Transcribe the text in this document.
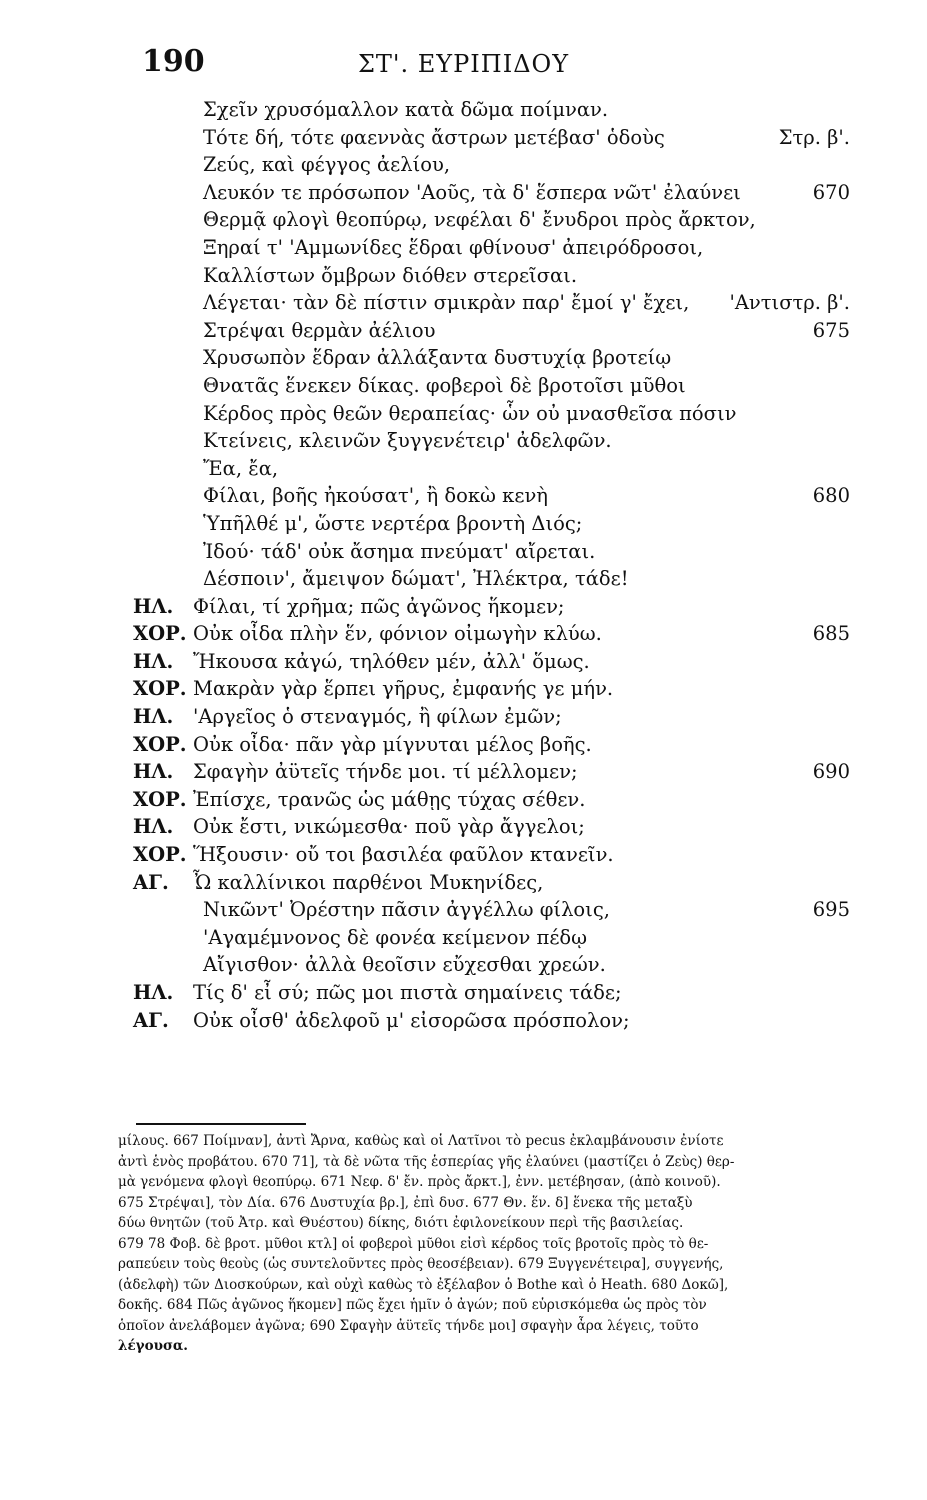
190	ΣΤ'. ΕΥΡΙΠΙΔΟΥ
Σχεῖν χρυσόμαλλον κατὰ δῶμα ποίμναν.
Τότε δή, τότε φαεννὰς ἄστρων μετέβασ' ὁδοὺς	Στρ. β'.
Ζεύς, καὶ φέγγος ἀελίου,
Λευκόν τε πρόσωπον 'Αοῦς, τὰ δ' ἕσπερα νῶτ' ἐλαύνει	670
Θερμᾷ φλογὶ θεοπύρῳ, νεφέλαι δ' ἔνυδροι πρὸς ἄρκτον,
Ξηραί τ' 'Αμμωνίδες ἕδραι φθίνουσ' ἀπειρόδροσοι,
Καλλίστων ὄμβρων διόθεν στερεῖσαι.
Λέγεται· τὰν δὲ πίστιν σμικρὰν παρ' ἔμοί γ' ἔχει, 'Αντιστρ. β'.
Στρέψαι θερμὰν ἀέλιου	675
Χρυσωπὸν ἕδραν ἀλλάξαντα δυστυχίᾳ βροτείῳ
Θνατᾶς ἕνεκεν δίκας. φοβεροὶ δὲ βροτοῖσι μῦθοι
Κέρδος πρὸς θεῶν θεραπείας· ὧν οὐ μνασθεῖσα πόσιν
Κτείνεις, κλεινῶν ξυγγενέτειρ' ἀδελφῶν.
Ἔα, ἔα,
Φίλαι, βοῆς ἠκούσατ', ἢ δοκὼ κενὴ	680
Ὑπῆλθέ μ', ὥστε νερτέρα βροντὴ Διός;
Ἰδού· τάδ' οὐκ ἄσημα πνεύματ' αἴρεται.
Δέσποιν', ἄμειψον δώματ', Ἠλέκτρα, τάδε!
ΗΛ. Φίλαι, τί χρῆμα; πῶς ἀγῶνος ἥκομεν;
ΧΟΡ. Οὐκ οἶδα πλὴν ἕν, φόνιον οἰμωγὴν κλύω.	685
ΗΛ. Ἤκουσα κἀγώ, τηλόθεν μέν, ἀλλ' ὅμως.
ΧΟΡ. Μακρὰν γὰρ ἕρπει γῆρυς, ἐμφανής γε μήν.
ΗΛ. 'Αργεῖος ὁ στεναγμός, ἢ φίλων ἐμῶν;
ΧΟΡ. Οὐκ οἶδα· πᾶν γὰρ μίγνυται μέλος βοῆς.
ΗΛ. Σφαγὴν ἀϋτεῖς τήνδε μοι. τί μέλλομεν;	690
ΧΟΡ. Ἐπίσχε, τρανῶς ὡς μάθῃς τύχας σέθεν.
ΗΛ. Οὐκ ἔστι, νικώμεσθα· ποῦ γὰρ ἄγγελοι;
ΧΟΡ. Ἥξουσιν· οὔ τοι βασιλέα φαῦλον κτανεῖν.
ΑΓ. Ὦ καλλίνικοι παρθένοι Μυκηνίδες,
Νικῶντ' Ὀρέστην πᾶσιν ἀγγέλλω φίλοις,	695
'Αγαμέμνονος δὲ φονέα κείμενον πέδῳ
Αἴγισθον· ἀλλὰ θεοῖσιν εὔχεσθαι χρεών.
ΗΛ. Τίς δ' εἶ σύ; πῶς μοι πιστὰ σημαίνεις τάδε;
ΑΓ. Οὐκ οἶσθ' ἀδελφοῦ μ' εἰσορῶσα πρόσπολον;
μίλους. 667 Ποίμναν], ἀντὶ Ἄρνα, καθὼς καὶ οἱ Λατῖνοι τὸ pecus ἐκλαμβάνουσιν ἐνίοτε
ἀντὶ ἑνὸς προβάτου. 670 71], τὰ δὲ νῶτα τῆς ἑσπερίας γῆς ἐλαύνει (μαστίζει ὁ Ζεὺς) θερ-
μὰ γενόμενα φλογὶ θεοπύρῳ. 671 Νεφ. δ' ἔν. πρὸς ἄρκτ.], ἐνν. μετέβησαν, (ἀπὸ κοινοῦ).
675 Στρέψαι], τὸν Δία. 676 Δυστυχία βρ.], ἐπὶ δυσ. 677 Θν. ἕν. δ] ἕνεκα τῆς μεταξὺ
δύω θνητῶν (τοῦ Ἀτρ. καὶ Θυέστου) δίκης, διότι ἐφιλονείκουν περὶ τῆς βασιλείας.
679 78 Φοβ. δὲ βροτ. μῦθοι κτλ] οἱ φοβεροὶ μῦθοι εἰσὶ κέρδος τοῖς βροτοῖς πρὸς τὸ θε-
ραπεύειν τοὺς θεοὺς (ὡς συντελοῦντες πρὸς θεοσέβειαν). 679 Ξυγγενέτειρα], συγγενής,
(ἀδελφὴ) τῶν Διοσκούρων, καὶ οὐχὶ καθὼς τὸ ἐξέλαβον ὁ Bothe καὶ ὁ Heath. 680 Δοκῶ],
δοκῆς. 684 Πῶς ἀγῶνος ἥκομεν] πῶς ἔχει ἡμῖν ὁ ἀγών; ποῦ εὑρισκόμεθα ὡς πρὸς τὸν
ὁποῖον ἀνελάβομεν ἀγῶνα; 690 Σφαγὴν ἀϋτεῖς τήνδε μοι] σφαγὴν ἆρα λέγεις, τοῦτο
λέγουσα.
